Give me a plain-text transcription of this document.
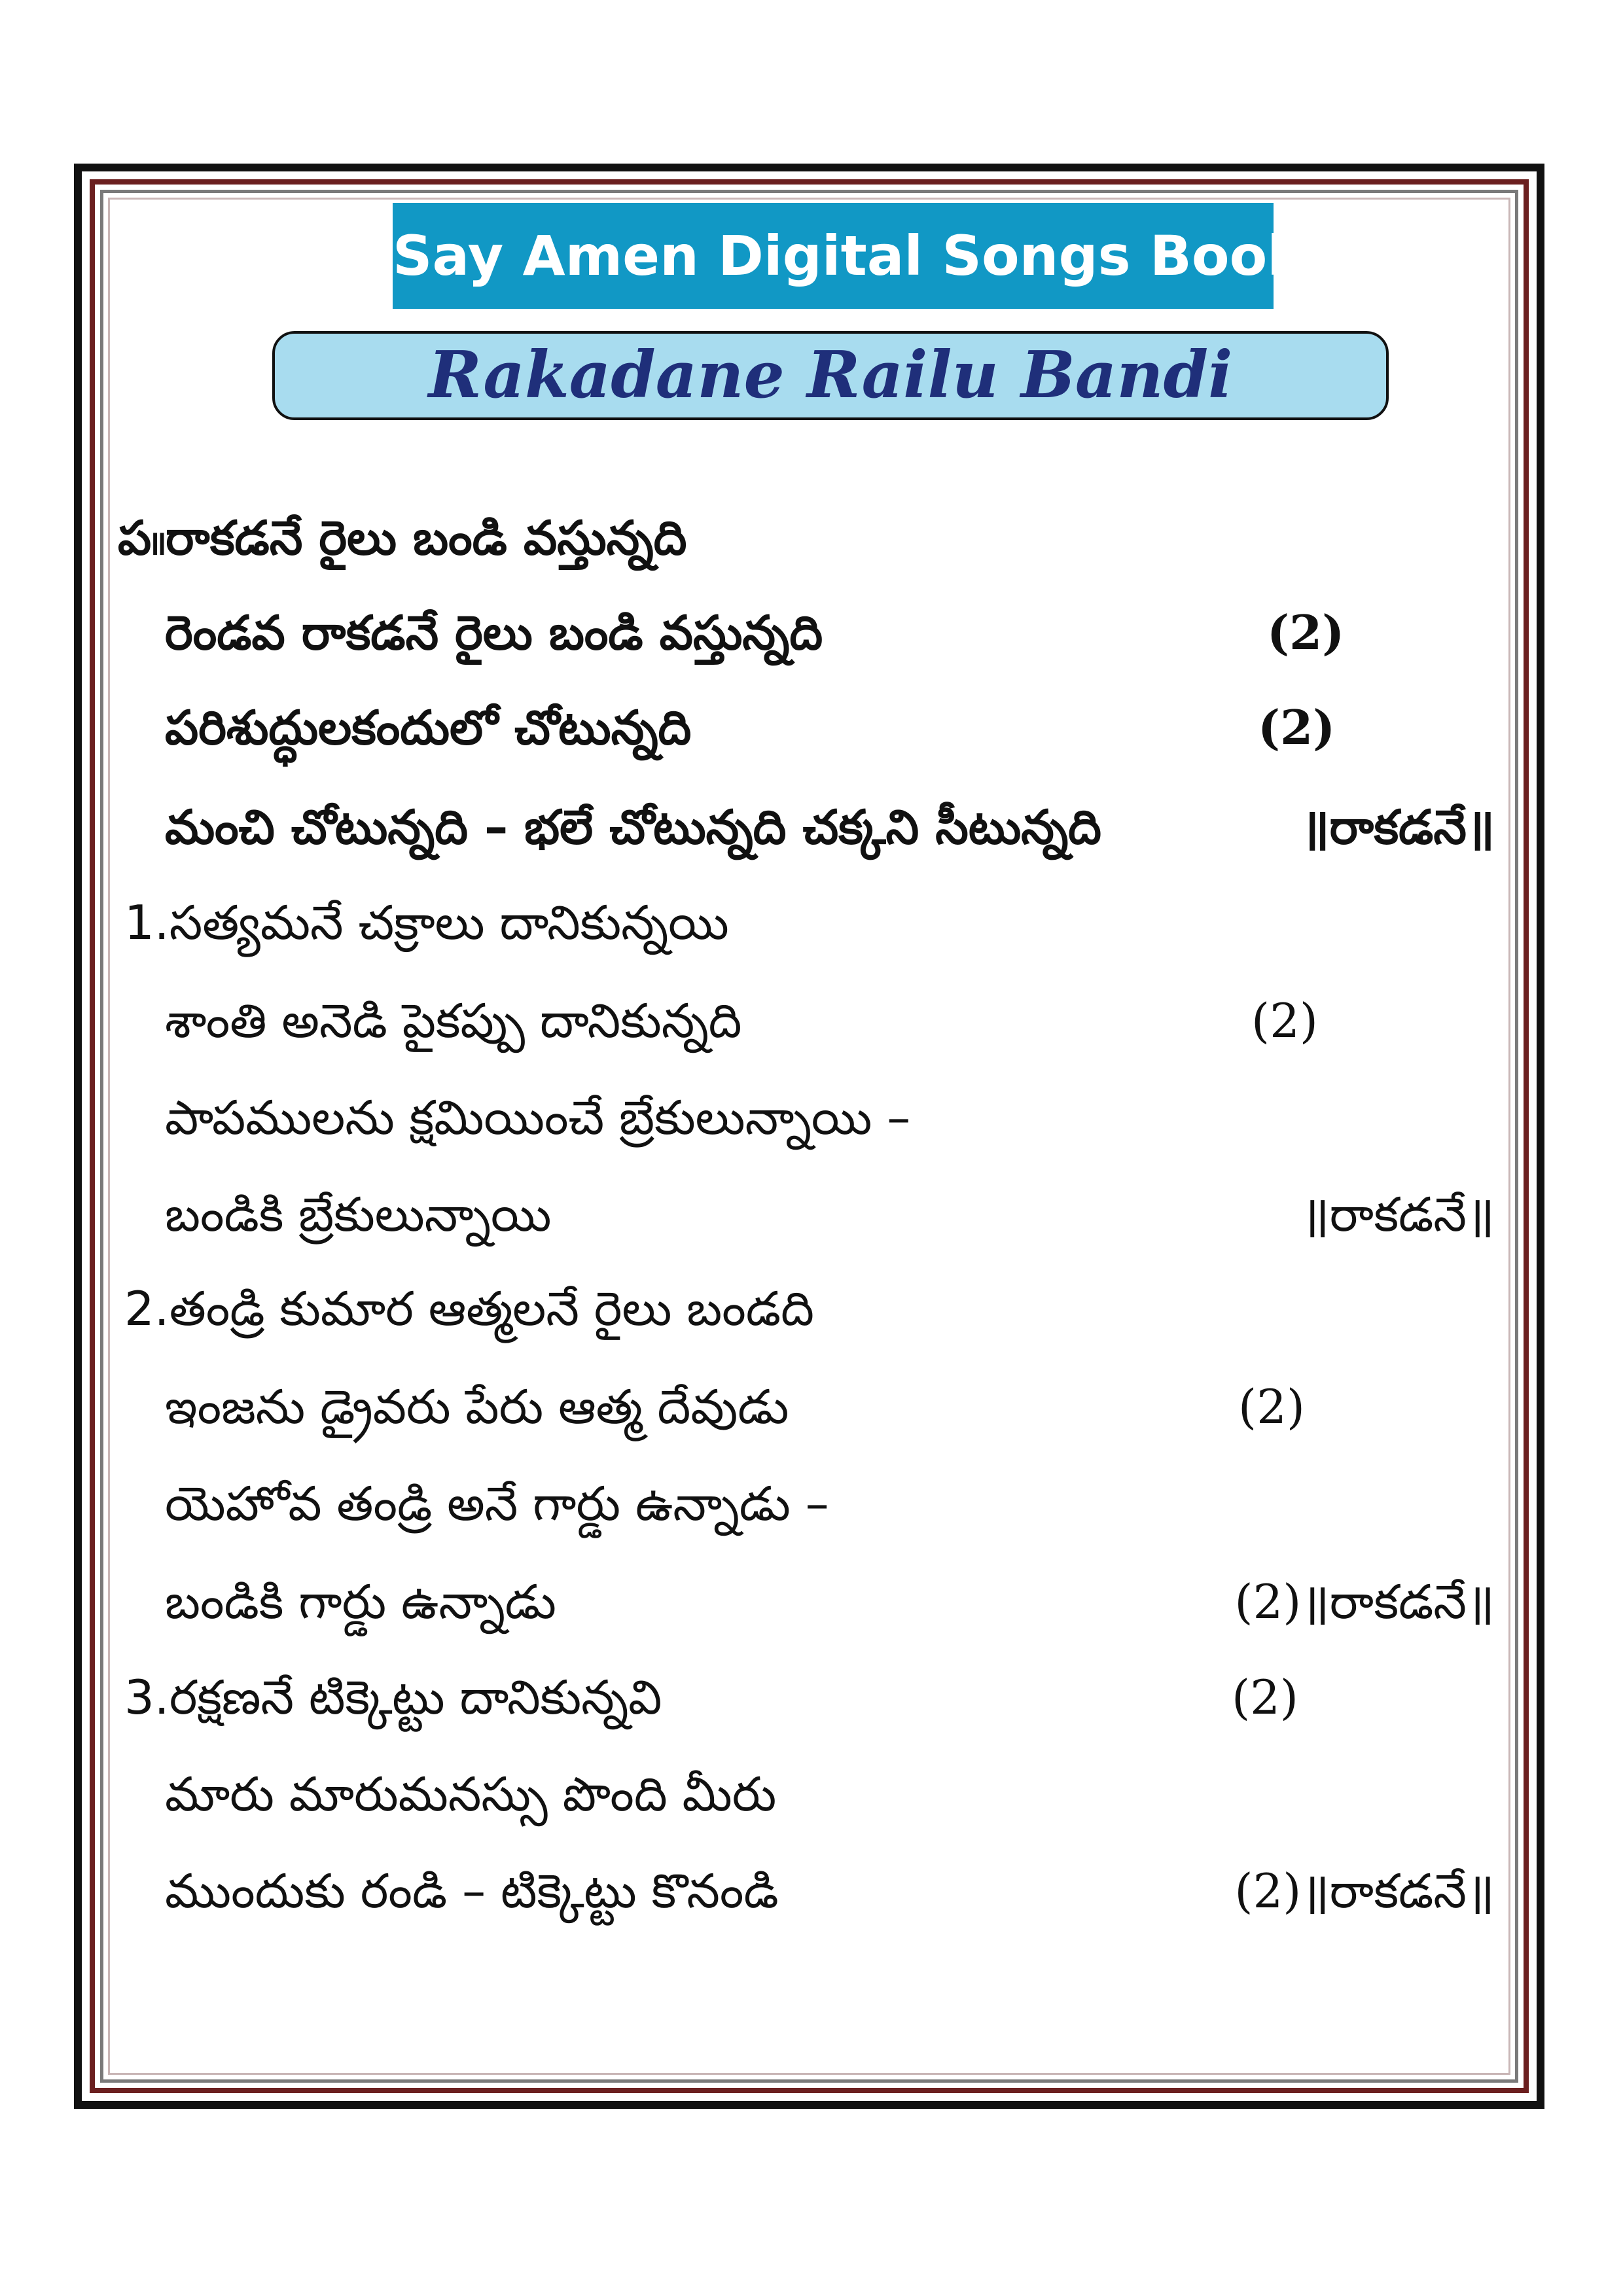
Say Amen Digital Songs Book
Rakadane Railu Bandi
ప။రాకడనే రైలు బండి వస్తున్నది
రెండవ రాకడనే రైలు బండి వస్తున్నది	(2)
పరిశుద్ధులకందులో చోటున్నది	(2)
మంచి చోటున్నది – భలే చోటున్నది చక్కని సీటున్నది	॥రాకడనే॥
1.సత్యమనే చక్రాలు దానికున్నయి
శాంతి అనెడి పైకప్పు దానికున్నది	(2)
పాపములను క్షమియించే బ్రేకులున్నాయి –
బండికి బ్రేకులున్నాయి	॥రాకడనే॥
2.తండ్రి కుమార ఆత్మలనే రైలు బండది
ఇంజను డ్రైవరు పేరు ఆత్మ దేవుడు	(2)
యెహోవ తండ్రి అనే గార్డు ఉన్నాడు –
బండికి గార్డు ఉన్నాడు	(2)॥రాకడనే॥
3.రక్షణనే టిక్కెట్టు దానికున్నవి	(2)
మారు మారుమనస్సు పొంది మీరు
ముందుకు రండి – టిక్కెట్టు కొనండి	(2)॥రాకడనే॥
